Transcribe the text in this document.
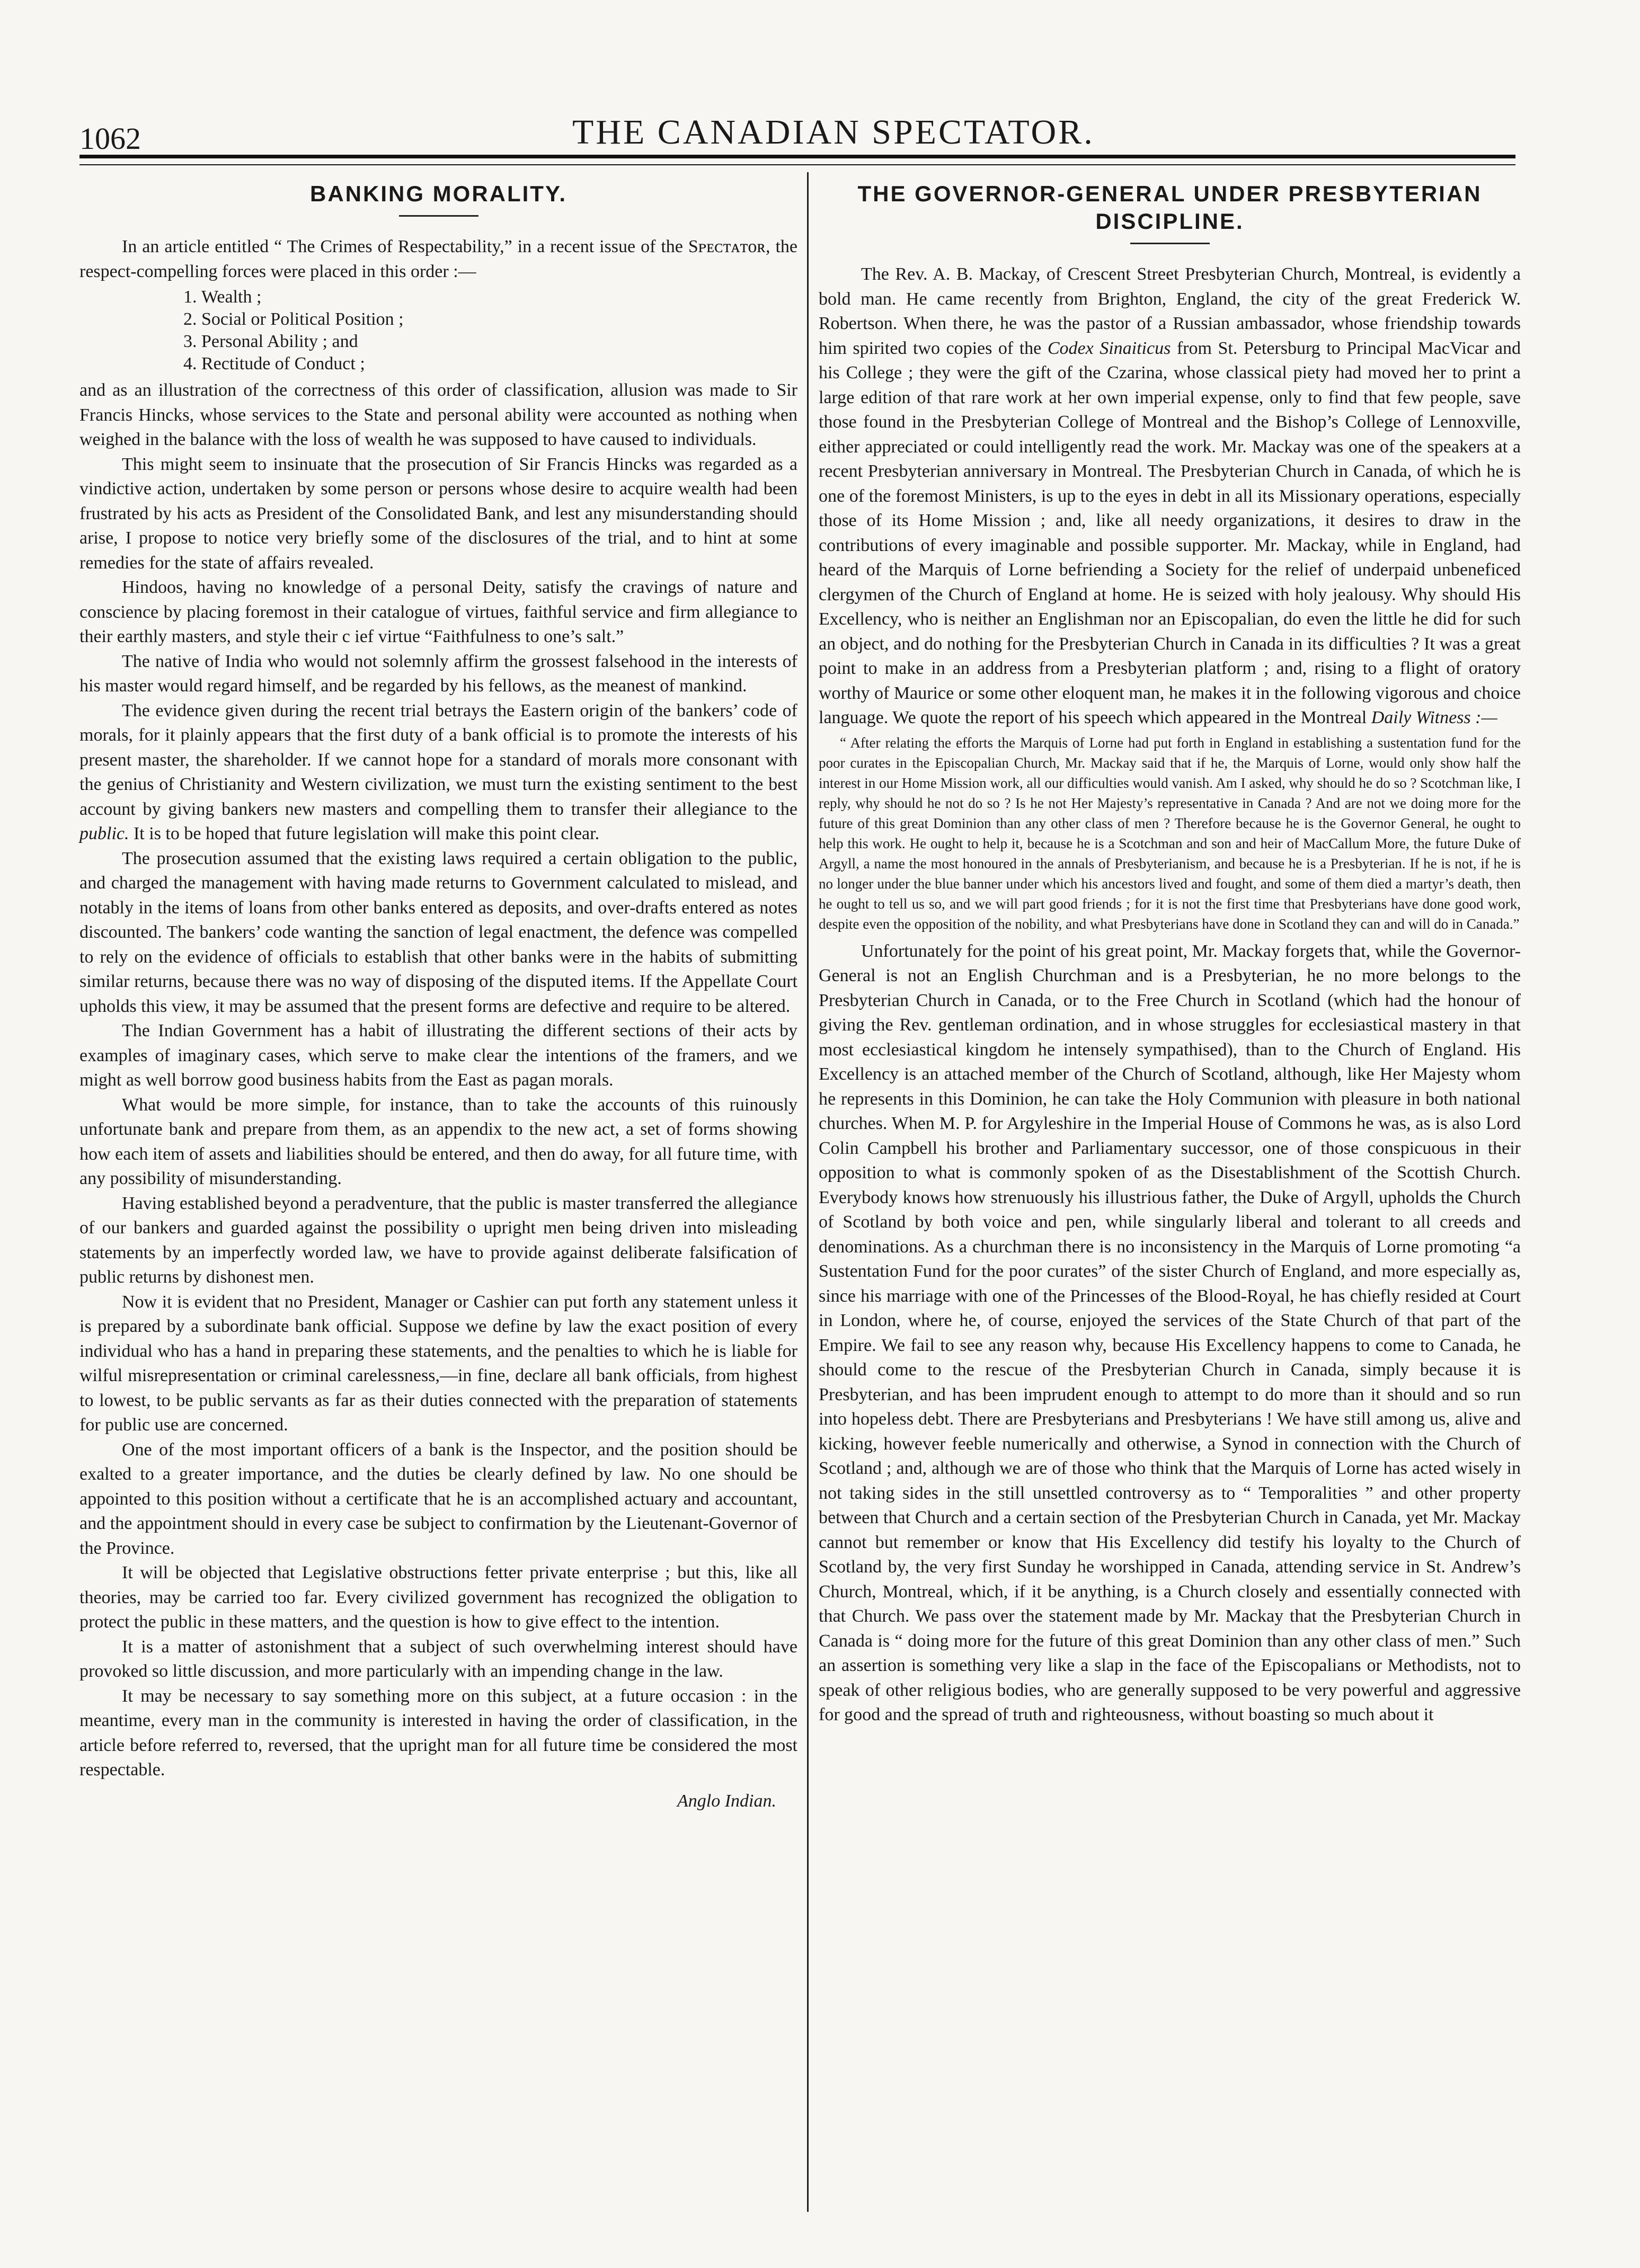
1062	THE CANADIAN SPECTATOR.
BANKING MORALITY.

In an article entitled “ The Crimes of Respectability,” in a recent issue of the Sᴘᴇᴄᴛᴀᴛᴏʀ, the respect-compelling forces were placed in this order :—

1. Wealth ;
2. Social or Political Position ;
3. Personal Ability ; and
4. Rectitude of Conduct ;

and as an illustration of the correctness of this order of classification, allusion was made to Sir Francis Hincks, whose services to the State and personal ability were accounted as nothing when weighed in the balance with the loss of wealth he was supposed to have caused to individuals.

This might seem to insinuate that the prosecution of Sir Francis Hincks was regarded as a vindictive action, undertaken by some person or persons whose desire to acquire wealth had been frustrated by his acts as President of the Consolidated Bank, and lest any misunderstanding should arise, I propose to notice very briefly some of the disclosures of the trial, and to hint at some remedies for the state of affairs revealed.

Hindoos, having no knowledge of a personal Deity, satisfy the cravings of nature and conscience by placing foremost in their catalogue of virtues, faithful service and firm allegiance to their earthly masters, and style their c ief virtue “Faithfulness to one’s salt.”

The native of India who would not solemnly affirm the grossest falsehood in the interests of his master would regard himself, and be regarded by his fellows, as the meanest of mankind.

The evidence given during the recent trial betrays the Eastern origin of the bankers’ code of morals, for it plainly appears that the first duty of a bank official is to promote the interests of his present master, the shareholder. If we cannot hope for a standard of morals more consonant with the genius of Christianity and Western civilization, we must turn the existing sentiment to the best account by giving bankers new masters and compelling them to transfer their allegiance to the public. It is to be hoped that future legislation will make this point clear.

The prosecution assumed that the existing laws required a certain obligation to the public, and charged the management with having made returns to Government calculated to mislead, and notably in the items of loans from other banks entered as deposits, and over-drafts entered as notes discounted. The bankers’ code wanting the sanction of legal enactment, the defence was compelled to rely on the evidence of officials to establish that other banks were in the habits of submitting similar returns, because there was no way of disposing of the disputed items. If the Appellate Court upholds this view, it may be assumed that the present forms are defective and require to be altered.

The Indian Government has a habit of illustrating the different sections of their acts by examples of imaginary cases, which serve to make clear the intentions of the framers, and we might as well borrow good business habits from the East as pagan morals.

What would be more simple, for instance, than to take the accounts of this ruinously unfortunate bank and prepare from them, as an appendix to the new act, a set of forms showing how each item of assets and liabilities should be entered, and then do away, for all future time, with any possibility of misunderstanding.

Having established beyond a peradventure, that the public is master transferred the allegiance of our bankers and guarded against the possibility o upright men being driven into misleading statements by an imperfectly worded law, we have to provide against deliberate falsification of public returns by dishonest men.

Now it is evident that no President, Manager or Cashier can put forth any statement unless it is prepared by a subordinate bank official. Suppose we define by law the exact position of every individual who has a hand in preparing these statements, and the penalties to which he is liable for wilful misrepresentation or criminal carelessness,—in fine, declare all bank officials, from highest to lowest, to be public servants as far as their duties connected with the preparation of statements for public use are concerned.

One of the most important officers of a bank is the Inspector, and the position should be exalted to a greater importance, and the duties be clearly defined by law. No one should be appointed to this position without a certificate that he is an accomplished actuary and accountant, and the appointment should in every case be subject to confirmation by the Lieutenant-Governor of the Province.

It will be objected that Legislative obstructions fetter private enterprise ; but this, like all theories, may be carried too far. Every civilized government has recognized the obligation to protect the public in these matters, and the question is how to give effect to the intention.

It is a matter of astonishment that a subject of such overwhelming interest should have provoked so little discussion, and more particularly with an impending change in the law.

It may be necessary to say something more on this subject, at a future occasion : in the meantime, every man in the community is interested in having the order of classification, in the article before referred to, reversed, that the upright man for all future time be considered the most respectable.

Anglo Indian.
THE GOVERNOR-GENERAL UNDER PRESBYTERIAN DISCIPLINE.

The Rev. A. B. Mackay, of Crescent Street Presbyterian Church, Montreal, is evidently a bold man. He came recently from Brighton, England, the city of the great Frederick W. Robertson. When there, he was the pastor of a Russian ambassador, whose friendship towards him spirited two copies of the Codex Sinaiticus from St. Petersburg to Principal MacVicar and his College ; they were the gift of the Czarina, whose classical piety had moved her to print a large edition of that rare work at her own imperial expense, only to find that few people, save those found in the Presbyterian College of Montreal and the Bishop’s College of Lennoxville, either appreciated or could intelligently read the work. Mr. Mackay was one of the speakers at a recent Presbyterian anniversary in Montreal. The Presbyterian Church in Canada, of which he is one of the foremost Ministers, is up to the eyes in debt in all its Missionary operations, especially those of its Home Mission ; and, like all needy organizations, it desires to draw in the contributions of every imaginable and possible supporter. Mr. Mackay, while in England, had heard of the Marquis of Lorne befriending a Society for the relief of underpaid unbeneficed clergymen of the Church of England at home. He is seized with holy jealousy. Why should His Excellency, who is neither an Englishman nor an Episcopalian, do even the little he did for such an object, and do nothing for the Presbyterian Church in Canada in its difficulties ? It was a great point to make in an address from a Presbyterian platform ; and, rising to a flight of oratory worthy of Maurice or some other eloquent man, he makes it in the following vigorous and choice language. We quote the report of his speech which appeared in the Montreal Daily Witness :—

“ After relating the efforts the Marquis of Lorne had put forth in England in establishing a sustentation fund for the poor curates in the Episcopalian Church, Mr. Mackay said that if he, the Marquis of Lorne, would only show half the interest in our Home Mission work, all our difficulties would vanish. Am I asked, why should he do so ? Scotchman like, I reply, why should he not do so ? Is he not Her Majesty’s representative in Canada ? And are not we doing more for the future of this great Dominion than any other class of men ? Therefore because he is the Governor General, he ought to help this work. He ought to help it, because he is a Scotchman and son and heir of MacCallum More, the future Duke of Argyll, a name the most honoured in the annals of Presbyterianism, and because he is a Presbyterian. If he is not, if he is no longer under the blue banner under which his ancestors lived and fought, and some of them died a martyr’s death, then he ought to tell us so, and we will part good friends ; for it is not the first time that Presbyterians have done good work, despite even the opposition of the nobility, and what Presbyterians have done in Scotland they can and will do in Canada.”

Unfortunately for the point of his great point, Mr. Mackay forgets that, while the Governor-General is not an English Churchman and is a Presbyterian, he no more belongs to the Presbyterian Church in Canada, or to the Free Church in Scotland (which had the honour of giving the Rev. gentleman ordination, and in whose struggles for ecclesiastical mastery in that most ecclesiastical kingdom he intensely sympathised), than to the Church of England. His Excellency is an attached member of the Church of Scotland, although, like Her Majesty whom he represents in this Dominion, he can take the Holy Communion with pleasure in both national churches. When M. P. for Argyleshire in the Imperial House of Commons he was, as is also Lord Colin Campbell his brother and Parliamentary successor, one of those conspicuous in their opposition to what is commonly spoken of as the Disestablishment of the Scottish Church. Everybody knows how strenuously his illustrious father, the Duke of Argyll, upholds the Church of Scotland by both voice and pen, while singularly liberal and tolerant to all creeds and denominations. As a churchman there is no inconsistency in the Marquis of Lorne promoting “a Sustentation Fund for the poor curates” of the sister Church of England, and more especially as, since his marriage with one of the Princesses of the Blood-Royal, he has chiefly resided at Court in London, where he, of course, enjoyed the services of the State Church of that part of the Empire. We fail to see any reason why, because His Excellency happens to come to Canada, he should come to the rescue of the Presbyterian Church in Canada, simply because it is Presbyterian, and has been imprudent enough to attempt to do more than it should and so run into hopeless debt. There are Presbyterians and Presbyterians ! We have still among us, alive and kicking, however feeble numerically and otherwise, a Synod in connection with the Church of Scotland ; and, although we are of those who think that the Marquis of Lorne has acted wisely in not taking sides in the still unsettled controversy as to “ Temporalities ” and other property between that Church and a certain section of the Presbyterian Church in Canada, yet Mr. Mackay cannot but remember or know that His Excellency did testify his loyalty to the Church of Scotland by, the very first Sunday he worshipped in Canada, attending service in St. Andrew’s Church, Montreal, which, if it be anything, is a Church closely and essentially connected with that Church. We pass over the statement made by Mr. Mackay that the Presbyterian Church in Canada is “ doing more for the future of this great Dominion than any other class of men.” Such an assertion is something very like a slap in the face of the Episcopalians or Methodists, not to speak of other religious bodies, who are generally supposed to be very powerful and aggressive for good and the spread of truth and righteousness, without boasting so much about it
